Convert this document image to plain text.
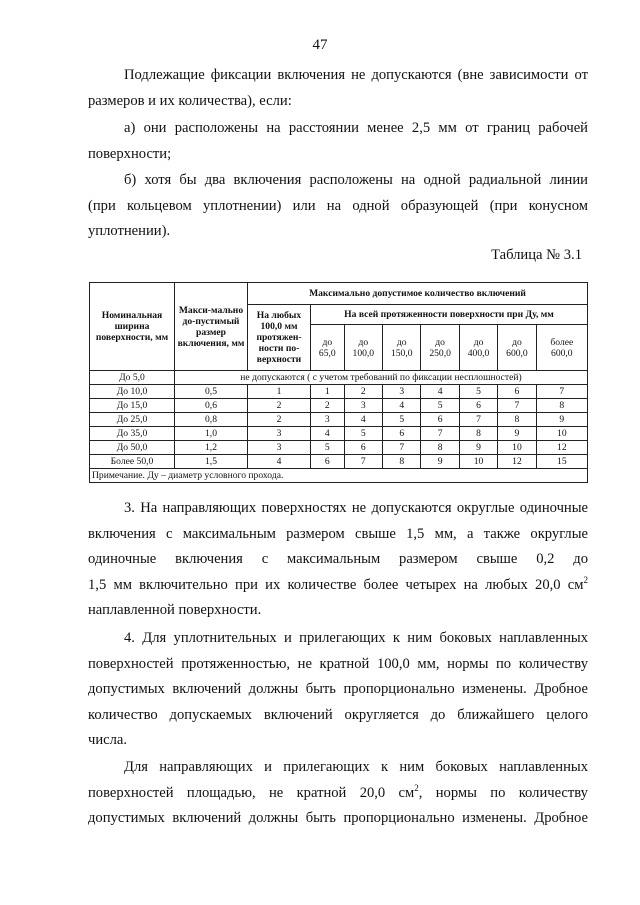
47
Подлежащие фиксации включения не допускаются (вне зависимости от
размеров и их количества), если:
а) они расположены на расстоянии менее 2,5 мм от границ рабочей
поверхности;
б) хотя бы два включения расположены на одной радиальной линии
(при кольцевом уплотнении) или на одной образующей (при конусном
уплотнении).
Таблица № 3.1
Номинальная ширина поверхности, мм	Макси-мально до-пустимый размер включения, мм	Максимально допустимое количество включений							
		На любых 100,0 мм протяжен-ности по-верхности	На всей протяженности поверхности при Ду, мм						
			до 65,0	до 100,0	до 150,0	до 250,0	до 400,0	до 600,0	более 600,0
До 5,0	не допускаются ( с учетом требований по фиксации несплошностей)								
До 10,0	0,5	1	1	2	3	4	5	6	7
До 15,0	0,6	2	2	3	4	5	6	7	8
До 25,0	0,8	2	3	4	5	6	7	8	9
До 35,0	1,0	3	4	5	6	7	8	9	10
До 50,0	1,2	3	5	6	7	8	9	10	12
Более 50,0	1,5	4	6	7	8	9	10	12	15
Примечание. Ду – диаметр условного прохода.									
3. На направляющих поверхностях не допускаются округлые одиночные
включения с максимальным размером свыше 1,5 мм, а также округлые
одиночные включения с максимальным размером свыше 0,2 до
1,5 мм включительно при их количестве более четырех на любых 20,0 $см^2$
наплавленной поверхности.
4. Для уплотнительных и прилегающих к ним боковых наплавленных
поверхностей протяженностью, не кратной 100,0 мм, нормы по количеству
допустимых включений должны быть пропорционально изменены. Дробное
количество допускаемых включений округляется до ближайшего целого
числа.
Для направляющих и прилегающих к ним боковых наплавленных
поверхностей площадью, не кратной 20,0 $см^2$, нормы по количеству
допустимых включений должны быть пропорционально изменены. Дробное
